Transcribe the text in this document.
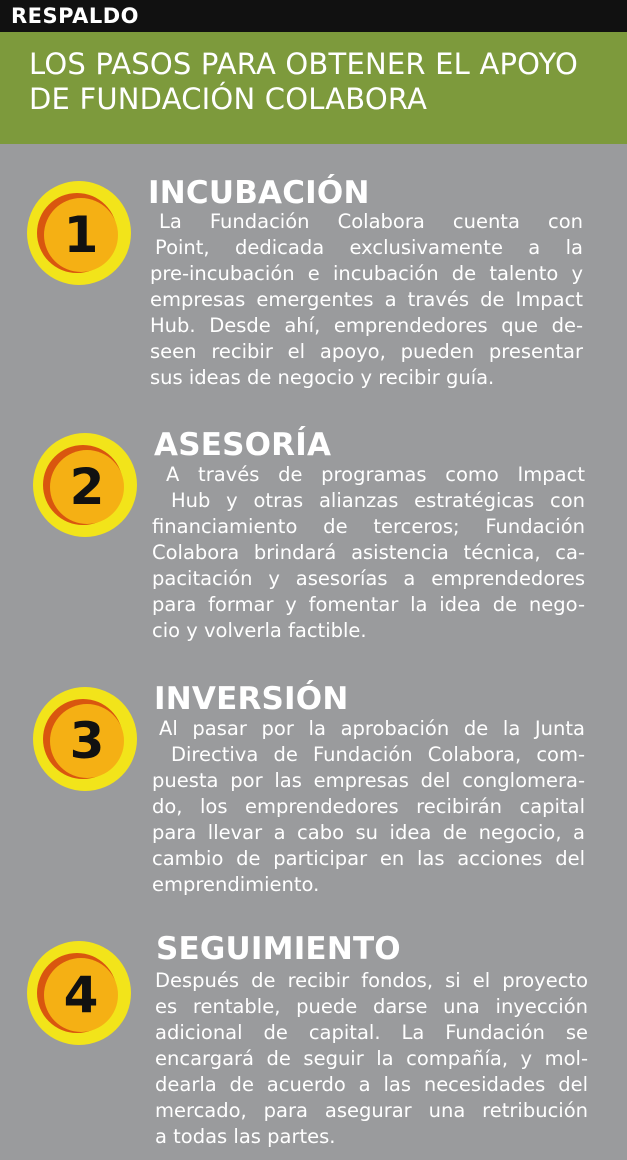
RESPALDO
LOS PASOS PARA OBTENER EL APOYO
DE FUNDACIÓN COLABORA
1
INCUBACIÓN
La Fundación Colabora cuenta con
Point, dedicada exclusivamente a la
pre-incubación e incubación de talento y
empresas emergentes a través de Impact
Hub. Desde ahí, emprendedores que de-
seen recibir el apoyo, pueden presentar
sus ideas de negocio y recibir guía.
2
ASESORÍA
A través de programas como Impact
Hub y otras alianzas estratégicas con
financiamiento de terceros; Fundación
Colabora brindará asistencia técnica, ca-
pacitación y asesorías a emprendedores
para formar y fomentar la idea de nego-
cio y volverla factible.
3
INVERSIÓN
Al pasar por la aprobación de la Junta
Directiva de Fundación Colabora, com-
puesta por las empresas del conglomera-
do, los emprendedores recibirán capital
para llevar a cabo su idea de negocio, a
cambio de participar en las acciones del
emprendimiento.
4
SEGUIMIENTO
Después de recibir fondos, si el proyecto
es rentable, puede darse una inyección
adicional de capital. La Fundación se
encargará de seguir la compañía, y mol-
dearla de acuerdo a las necesidades del
mercado, para asegurar una retribución
a todas las partes.
